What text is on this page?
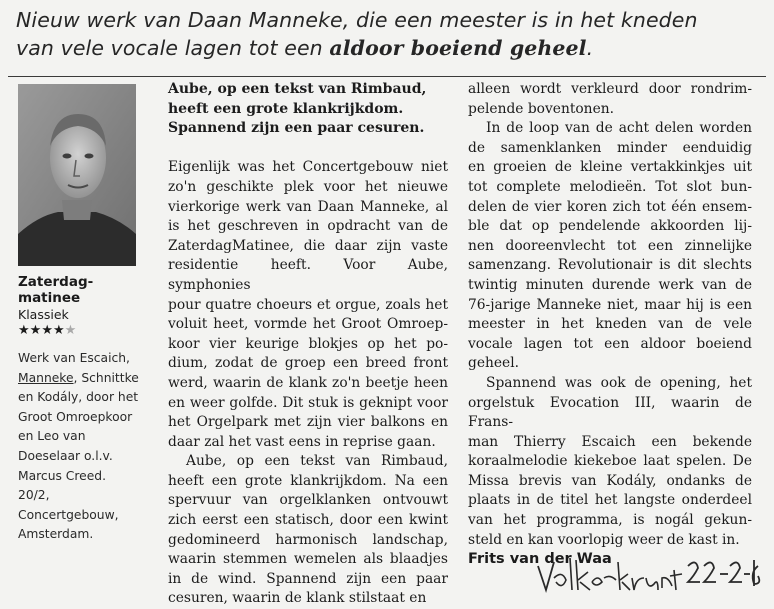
Nieuw werk van Daan Manneke, die een meester is in het kneden
van vele vocale lagen tot een aldoor boeiend geheel.
Zaterdag-
matinee
Klassiek
★★★★★
Werk van Escaich,
Manneke, Schnittke
en Kodály, door het
Groot Omroepkoor
en Leo van
Doeselaar o.l.v.
Marcus Creed.
20/2,
Concertgebouw,
Amsterdam.
Aube, op een tekst van Rimbaud,
heeft een grote klankrijkdom.
Spannend zijn een paar cesuren.
Eigenlijk was het Concertgebouw niet
zo'n geschikte plek voor het nieuwe
vierkorige werk van Daan Manneke, al
is het geschreven in opdracht van de
ZaterdagMatinee, die daar zijn vaste
residentie heeft. Voor Aube, symphonies
pour quatre choeurs et orgue, zoals het
voluit heet, vormde het Groot Omroep-
koor vier keurige blokjes op het po-
dium, zodat de groep een breed front
werd, waarin de klank zo'n beetje heen
en weer golfde. Dit stuk is geknipt voor
het Orgelpark met zijn vier balkons en
daar zal het vast eens in reprise gaan.
Aube, op een tekst van Rimbaud,
heeft een grote klankrijkdom. Na een
spervuur van orgelklanken ontvouwt
zich eerst een statisch, door een kwint
gedomineerd harmonisch landschap,
waarin stemmen wemelen als blaadjes
in de wind. Spannend zijn een paar
cesuren, waarin de klank stilstaat en
alleen wordt verkleurd door rondrim-
pelende boventonen.
In de loop van de acht delen worden
de samenklanken minder eenduidig
en groeien de kleine vertakkinkjes uit
tot complete melodieën. Tot slot bun-
delen de vier koren zich tot één ensem-
ble dat op pendelende akkoorden lij-
nen dooreenvlecht tot een zinnelijke
samenzang. Revolutionair is dit slechts
twintig minuten durende werk van de
76-jarige Manneke niet, maar hij is een
meester in het kneden van de vele
vocale lagen tot een aldoor boeiend
geheel.
Spannend was ook de opening, het
orgelstuk Evocation III, waarin de Frans-
man Thierry Escaich een bekende
koraalmelodie kiekeboe laat spelen. De
Missa brevis van Kodály, ondanks de
plaats in de titel het langste onderdeel
van het programma, is nogál gekun-
steld en kan voorlopig weer de kast in.
Frits van der Waa
